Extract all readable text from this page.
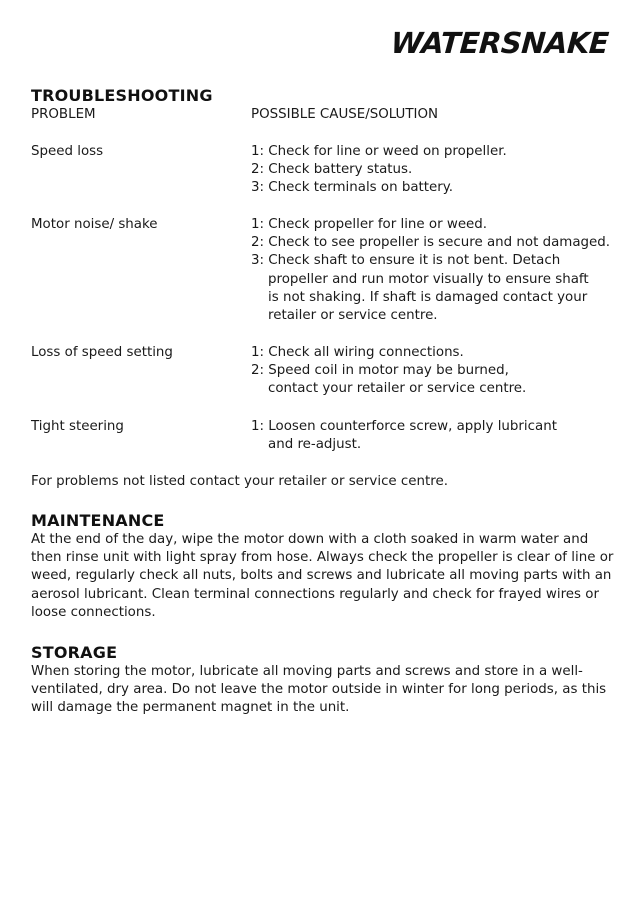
WATERSNAKE
TROUBLESHOOTING
PROBLEM	POSSIBLE CAUSE/SOLUTION
Speed loss	1: Check for line or weed on propeller.
2: Check battery status.
3: Check terminals on battery.
Motor noise/ shake	1: Check propeller for line or weed.
2: Check to see propeller is secure and not damaged.
3: Check shaft to ensure it is not bent. Detach
propeller and run motor visually to ensure shaft
is not shaking. If shaft is damaged contact your
retailer or service centre.
Loss of speed setting	1: Check all wiring connections.
2: Speed coil in motor may be burned,
contact your retailer or service centre.
Tight steering	1: Loosen counterforce screw, apply lubricant
and re-adjust.
For problems not listed contact your retailer or service centre.
MAINTENANCE

At the end of the day, wipe the motor down with a cloth soaked in warm water and then rinse unit with light spray from hose. Always check the propeller is clear of line or weed, regularly check all nuts, bolts and screws and lubricate all moving parts with an aerosol lubricant. Clean terminal connections regularly and check for frayed wires or loose connections.

STORAGE

When storing the motor, lubricate all moving parts and screws and store in a well-ventilated, dry area. Do not leave the motor outside in winter for long periods, as this will damage the permanent magnet in the unit.
